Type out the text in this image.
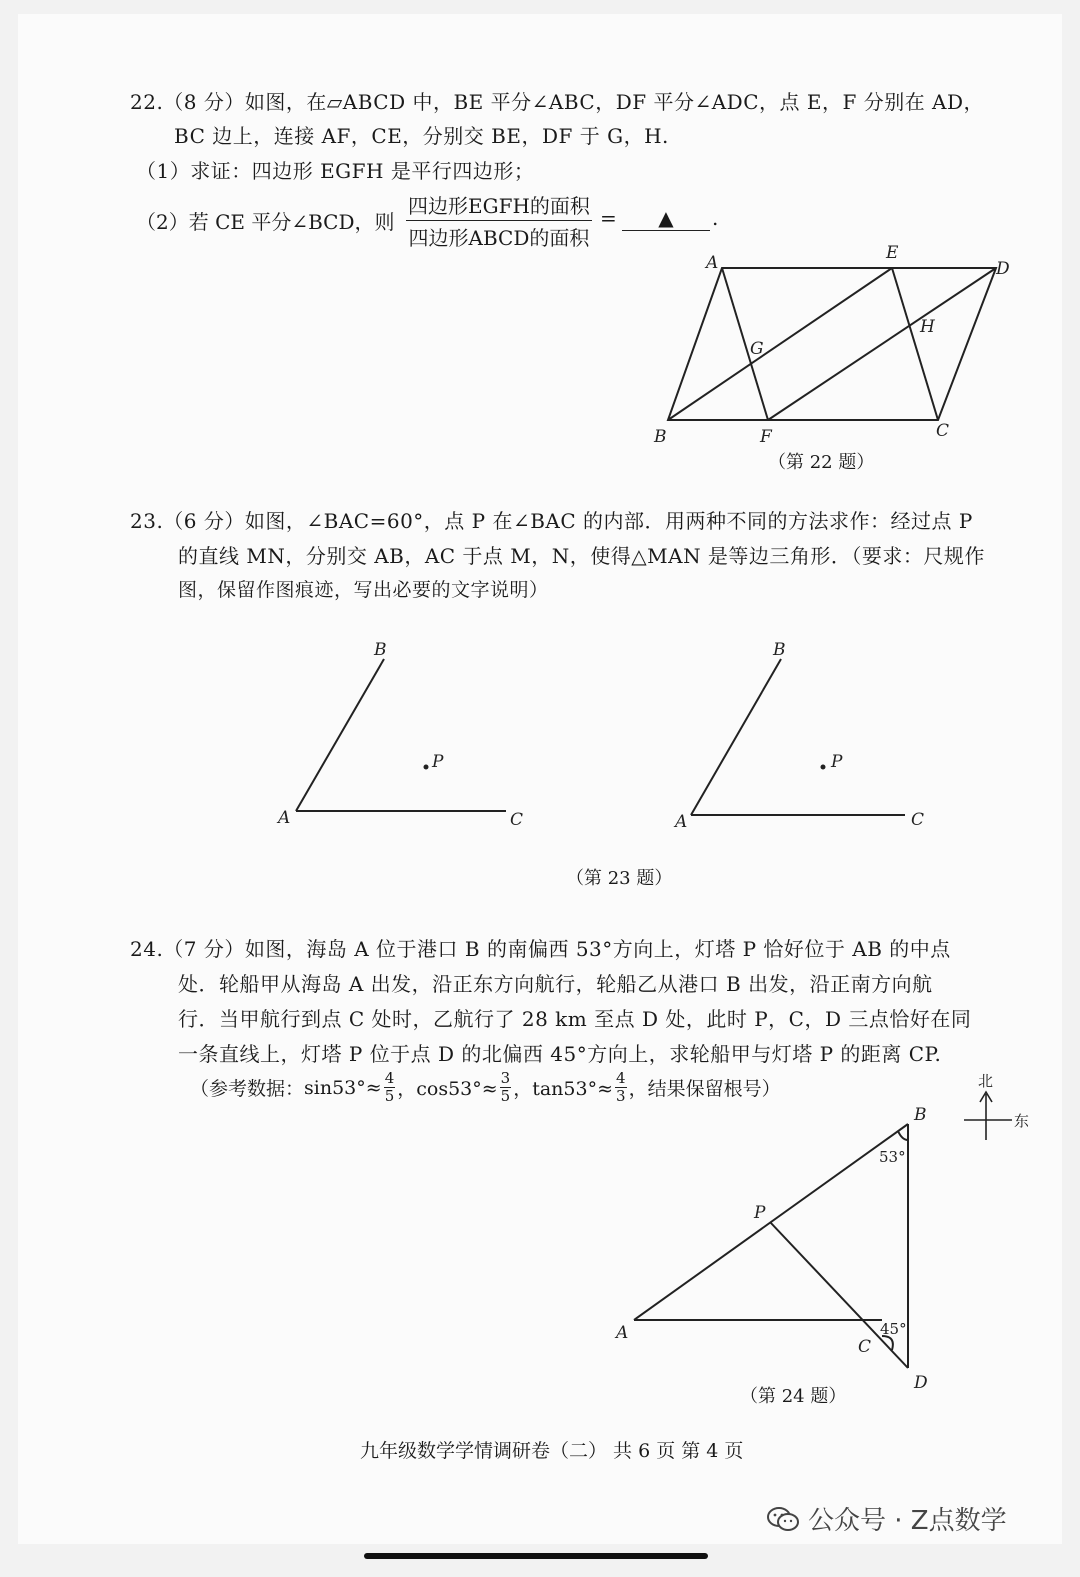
22.（8 分）如图，在▱ABCD 中，BE 平分∠ABC，DF 平分∠ADC，点 E，F 分别在 AD，
BC 边上，连接 AF，CE，分别交 BE，DF 于 G，H.
（1）求证：四边形 EGFH 是平行四边形；
（2）若 CE 平分∠BCD，则
四边形EGFH的面积
四边形ABCD的面积
=	▲	.
A	E
D
H
G
B	F	C
（第 22 题）
23.（6 分）如图，∠BAC=60°，点 P 在∠BAC 的内部．用两种不同的方法求作：经过点 P
的直线 MN，分别交 AB，AC 于点 M，N，使得△MAN 是等边三角形．（要求：尺规作
图，保留作图痕迹，写出必要的文字说明）
B
P
A	C
B
P
A	C
（第 23 题）
24.（7 分）如图，海岛 A 位于港口 B 的南偏西 53°方向上，灯塔 P 恰好位于 AB 的中点
处．轮船甲从海岛 A 出发，沿正东方向航行，轮船乙从港口 B 出发，沿正南方向航
行．当甲航行到点 C 处时，乙航行了 28 km 至点 D 处，此时 P，C，D 三点恰好在同
一条直线上，灯塔 P 位于点 D 的北偏西 45°方向上，求轮船甲与灯塔 P 的距离 CP.
（参考数据： $\sin 53^\circ\approx \frac{4}{5}$ ，$\cos 53^\circ\approx \frac{3}{5}$ ，$\tan 53^\circ\approx \frac{4}{3}$ ，结果保留根号）
B
P
A
C
D
53°
45°
北
东
（第 24 题）
九年级数学学情调研卷（二） 共 6 页 第 4 页
公众号 · Z点数学
